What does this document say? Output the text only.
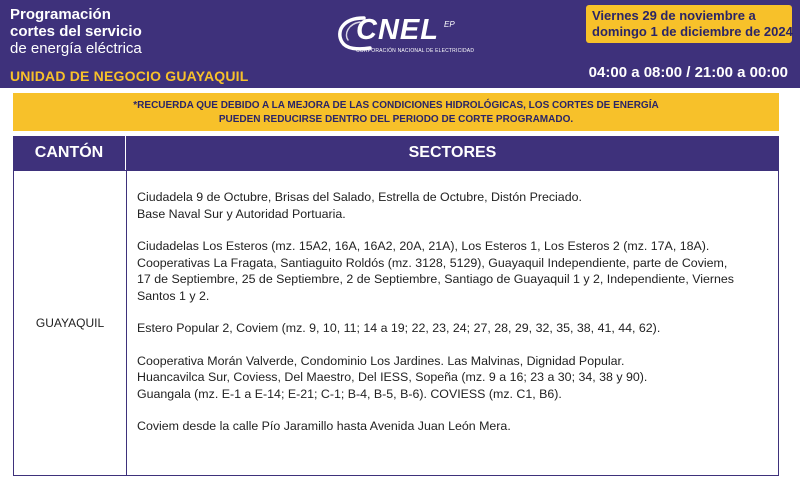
Programación
cortes del servicio
de energía eléctrica
UNIDAD DE NEGOCIO GUAYAQUIL
CNEL EP
CORPORACIÓN NACIONAL DE ELECTRICIDAD
Viernes 29 de noviembre a
domingo 1 de diciembre de 2024
04:00 a 08:00 / 21:00 a 00:00
*RECUERDA QUE DEBIDO A LA MEJORA DE LAS CONDICIONES HIDROLÓGICAS, LOS CORTES DE ENERGÍA
PUEDEN REDUCIRSE DENTRO DEL PERIODO DE CORTE PROGRAMADO.
CANTÓN	SECTORES
GUAYAQUIL
Ciudadela 9 de Octubre, Brisas del Salado, Estrella de Octubre, Distón Preciado.
Base Naval Sur y Autoridad Portuaria.
Ciudadelas Los Esteros (mz. 15A2, 16A, 16A2, 20A, 21A), Los Esteros 1, Los Esteros 2 (mz. 17A, 18A).
Cooperativas La Fragata, Santiaguito Roldós (mz. 3128, 5129), Guayaquil Independiente, parte de Coviem,
17 de Septiembre, 25 de Septiembre, 2 de Septiembre, Santiago de Guayaquil 1 y 2, Independiente, Viernes
Santos 1 y 2.
Estero Popular 2, Coviem (mz. 9, 10, 11; 14 a 19; 22, 23, 24; 27, 28, 29, 32, 35, 38, 41, 44, 62).
Cooperativa Morán Valverde, Condominio Los Jardines. Las Malvinas, Dignidad Popular.
Huancavilca Sur, Coviess, Del Maestro, Del IESS, Sopeña (mz. 9 a 16; 23 a 30; 34, 38 y 90).
Guangala (mz. E-1 a E-14; E-21; C-1; B-4, B-5, B-6). COVIESS (mz. C1, B6).
Coviem desde la calle Pío Jaramillo hasta Avenida Juan León Mera.
